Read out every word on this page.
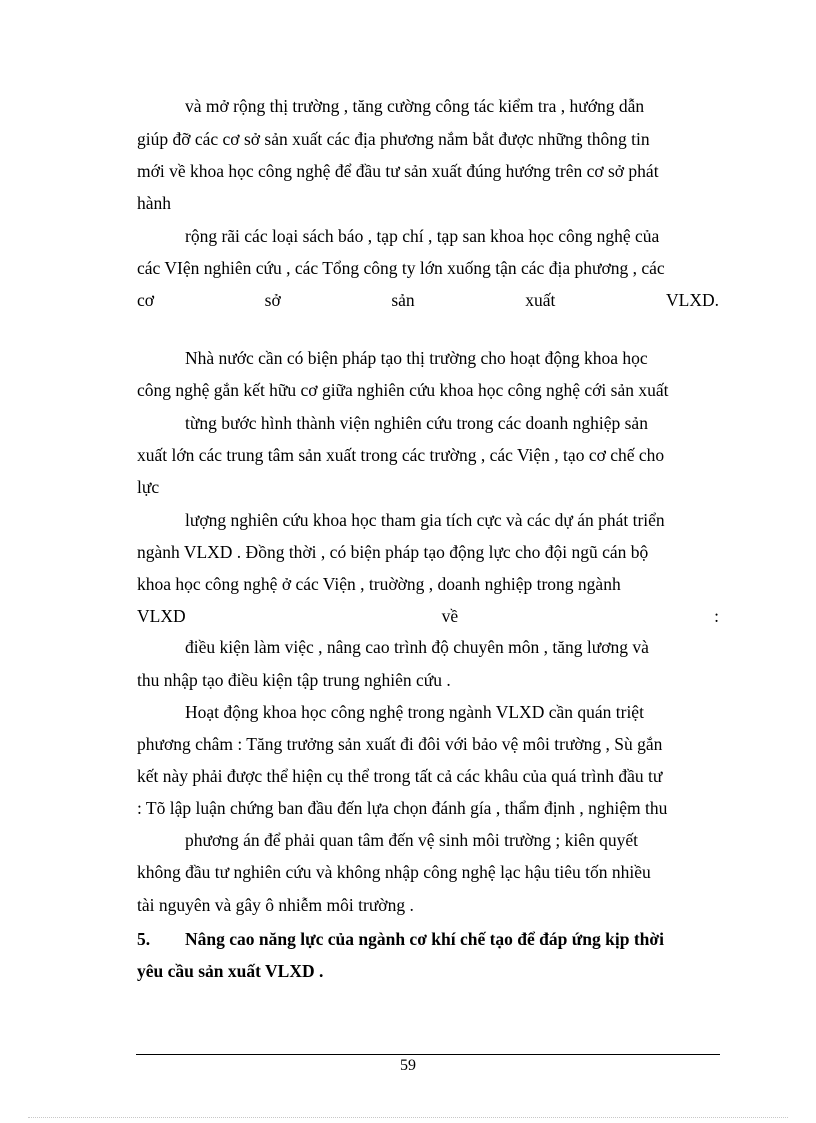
và mở rộng thị trường , tăng cường công tác kiểm tra , hướng dẫn
giúp đỡ các cơ sở sản xuất các địa phương nắm bắt được những thông tin
mới về khoa học công nghệ để đầu tư sản xuất đúng hướng trên cơ sở phát
hành
rộng rãi các loại sách báo , tạp chí , tạp san khoa học công nghệ của
các VIện nghiên cứu , các Tổng công ty lớn xuống tận các địa phương , các
cơ	sở	sản	xuất	VLXD.
Nhà nước cần có biện pháp tạo thị trường cho hoạt động khoa học
công nghệ gắn kết hữu cơ giữa nghiên cứu khoa học công nghệ cới sản xuất
từng bước hình thành viện nghiên cứu trong các doanh nghiệp sản
xuất lớn các trung tâm sản xuất trong các trường , các Viện , tạo cơ chế cho
lực
lượng nghiên cứu khoa học tham gia tích cực và các dự án phát triển
ngành VLXD . Đồng thời , có biện pháp tạo động lực cho đội ngũ cán bộ
khoa học công nghệ ở các Viện , truờờng , doanh nghiệp trong ngành
VLXD	về	:
điều kiện làm việc , nâng cao trình độ chuyên môn , tăng lương và
thu nhập tạo điều kiện tập trung nghiên cứu .
Hoạt động khoa học công nghệ trong ngành VLXD cần quán triệt
phương châm : Tăng trưởng sản xuất đi đôi với bảo vệ môi trường , Sù gắn
kết này phải được thể hiện cụ thể trong tất cả các khâu của quá trình đầu tư
: Tõ lập luận chứng ban đầu đến lựa chọn đánh gía , thẩm định , nghiệm thu
phương án để phải quan tâm đến vệ sinh môi trường ; kiên quyết
không đầu tư nghiên cứu và không nhập công nghệ lạc hậu tiêu tốn nhiều
tài nguyên và gây ô nhiễm môi trường .
5. Nâng cao năng lực của ngành cơ khí chế tạo để đáp ứng kịp thời
yêu cầu sản xuất VLXD .
59
